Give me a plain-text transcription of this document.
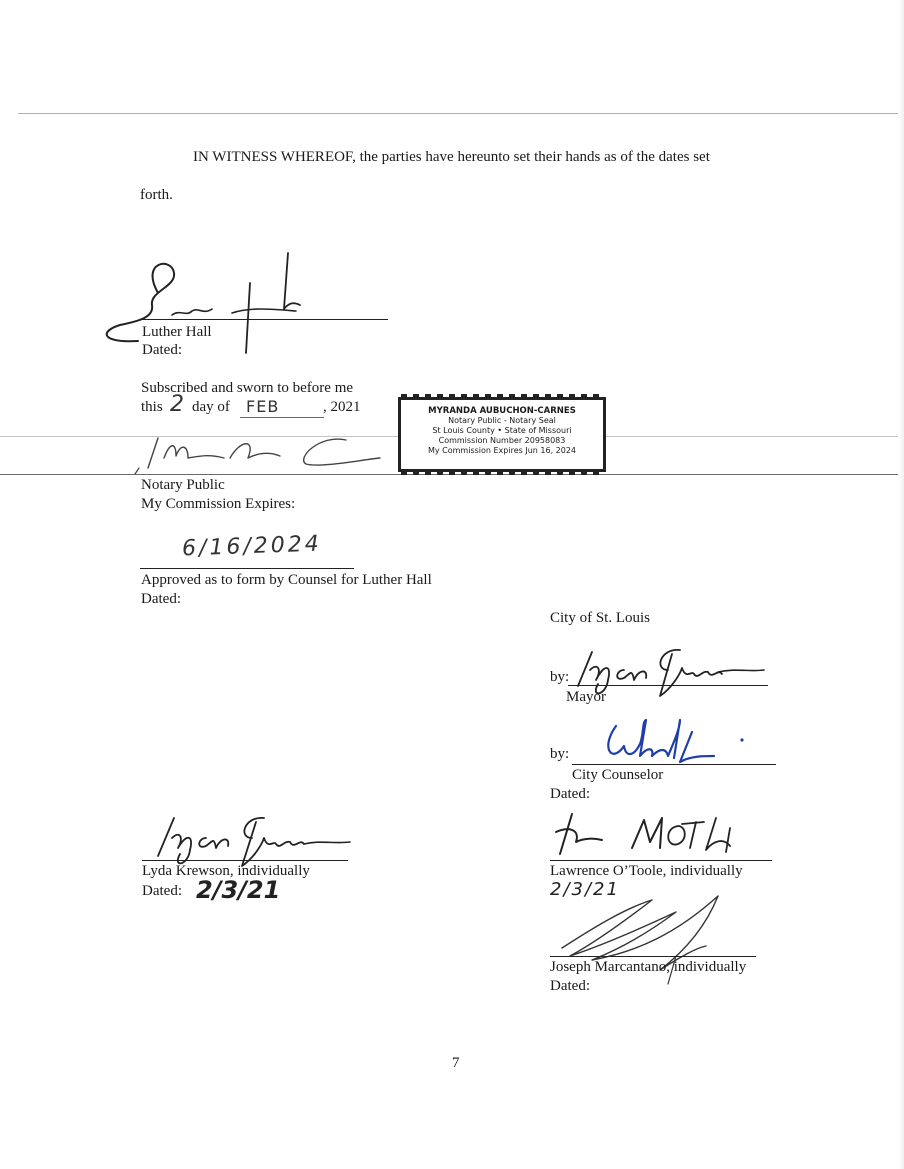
IN WITNESS WHEREOF, the parties have hereunto set their hands as of the dates set
forth.
Luther Hall
Dated:
Subscribed and sworn to before me
this 2 day of FEB	, 2021	MYRANDA AUBUCHON-CARNES
Notary Public - Notary Seal
St Louis County • State of Missouri
Commission Number 20958083
My Commission Expires Jun 16, 2024
Notary Public
My Commission Expires:
6/16/2024
Approved as to form by Counsel for Luther Hall
Dated:
City of St. Louis
by:
Mayor
by:
City Counselor
Dated:
Lyda Krewson, individually
Dated: 2/3/21
Lawrence O’Toole, individually
2/3/21
Joseph Marcantano, individually
Dated:
7
